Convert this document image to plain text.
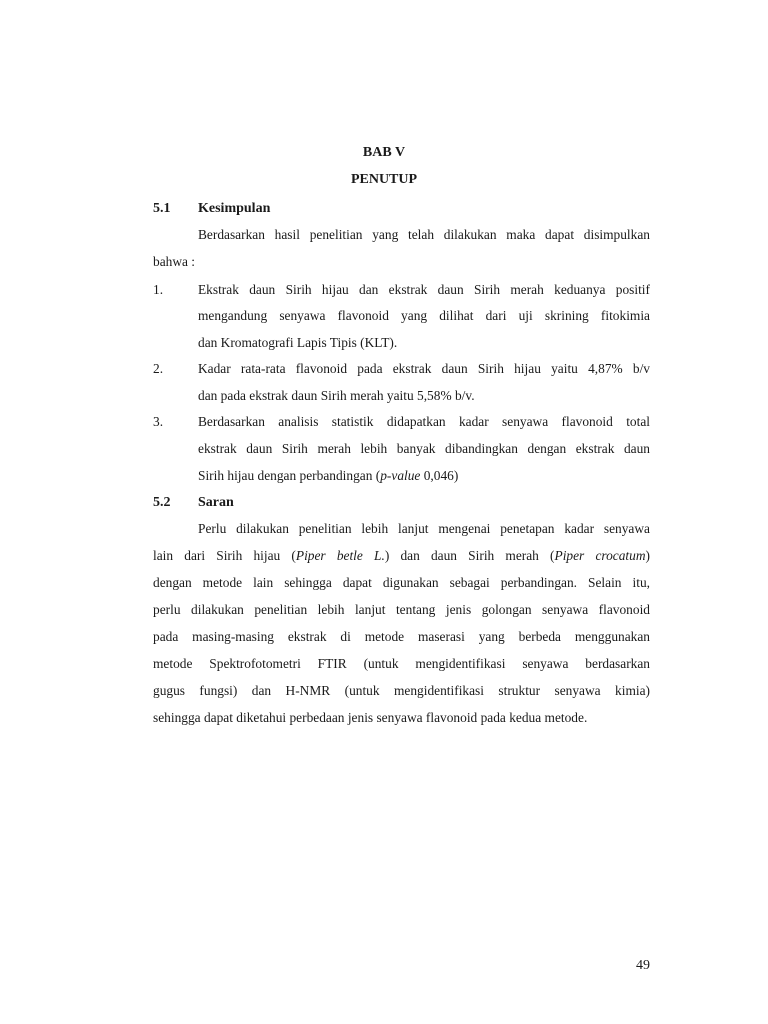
BAB V
PENUTUP
5.1 Kesimpulan
Berdasarkan hasil penelitian yang telah dilakukan maka dapat disimpulkan
bahwa :
1.	Ekstrak daun Sirih hijau dan ekstrak daun Sirih merah keduanya positif
mengandung senyawa flavonoid yang dilihat dari uji skrining fitokimia
dan Kromatografi Lapis Tipis (KLT).
2.	Kadar rata-rata flavonoid pada ekstrak daun Sirih hijau yaitu 4,87% b/v
dan pada ekstrak daun Sirih merah yaitu 5,58% b/v.
3.	Berdasarkan analisis statistik didapatkan kadar senyawa flavonoid total
ekstrak daun Sirih merah lebih banyak dibandingkan dengan ekstrak daun
Sirih hijau dengan perbandingan (p-value 0,046)
5.2 Saran
Perlu dilakukan penelitian lebih lanjut mengenai penetapan kadar senyawa
lain dari Sirih hijau (Piper betle L.) dan daun Sirih merah (Piper crocatum)
dengan metode lain sehingga dapat digunakan sebagai perbandingan. Selain itu,
perlu dilakukan penelitian lebih lanjut tentang jenis golongan senyawa flavonoid
pada masing-masing ekstrak di metode maserasi yang berbeda menggunakan
metode Spektrofotometri FTIR (untuk mengidentifikasi senyawa berdasarkan
gugus fungsi) dan H-NMR (untuk mengidentifikasi struktur senyawa kimia)
sehingga dapat diketahui perbedaan jenis senyawa flavonoid pada kedua metode.
49
